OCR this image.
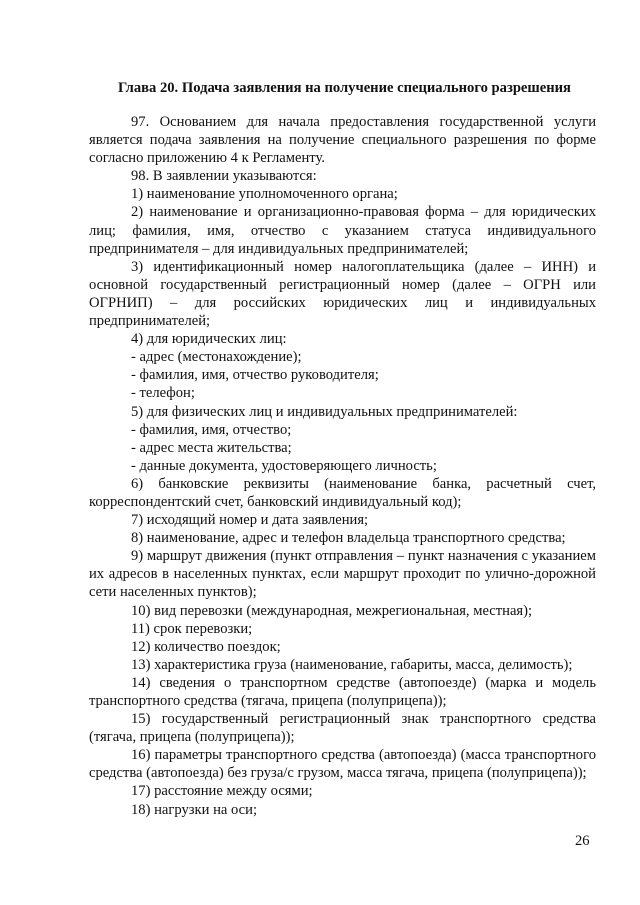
Глава 20. Подача заявления на получение специального разрешения

97. Основанием для начала предоставления государственной услуги является подача заявления на получение специального разрешения по форме согласно приложению 4 к Регламенту.

98. В заявлении указываются:

1) наименование уполномоченного органа;

2) наименование и организационно-правовая форма – для юридических лиц; фамилия, имя, отчество с указанием статуса индивидуального предпринимателя – для индивидуальных предпринимателей;

3) идентификационный номер налогоплательщика (далее – ИНН) и основной государственный регистрационный номер (далее – ОГРН или ОГРНИП) – для российских юридических лиц и индивидуальных предпринимателей;

4) для юридических лиц:

- адрес (местонахождение);

- фамилия, имя, отчество руководителя;

- телефон;

5) для физических лиц и индивидуальных предпринимателей:

- фамилия, имя, отчество;

- адрес места жительства;

- данные документа, удостоверяющего личность;

6) банковские реквизиты (наименование банка, расчетный счет, корреспондентский счет, банковский индивидуальный код);

7) исходящий номер и дата заявления;

8) наименование, адрес и телефон владельца транспортного средства;

9) маршрут движения (пункт отправления – пункт назначения с указанием их адресов в населенных пунктах, если маршрут проходит по улично-дорожной сети населенных пунктов);

10) вид перевозки (международная, межрегиональная, местная);

11) срок перевозки;

12) количество поездок;

13) характеристика груза (наименование, габариты, масса, делимость);

14) сведения о транспортном средстве (автопоезде) (марка и модель транспортного средства (тягача, прицепа (полуприцепа));

15) государственный регистрационный знак транспортного средства (тягача, прицепа (полуприцепа));

16) параметры транспортного средства (автопоезда) (масса транспортного средства (автопоезда) без груза/с грузом, масса тягача, прицепа (полуприцепа));

17) расстояние между осями;

18) нагрузки на оси;

26
